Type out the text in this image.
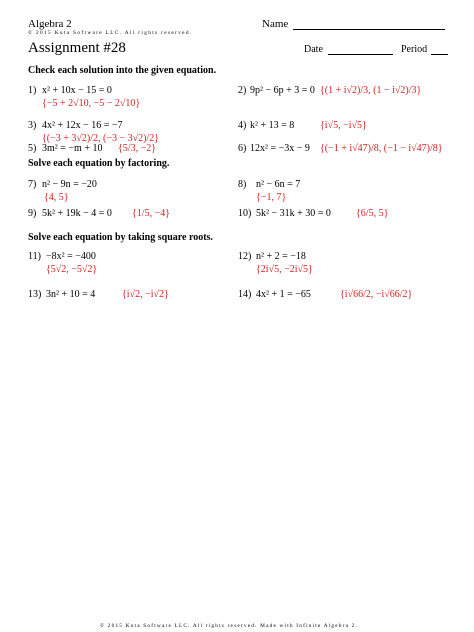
Algebra 2
© 2015 Kuta Software LLC. All rights reserved.
Name
Assignment #28	Date	Period
Check each solution into the given equation.
Solve each equation by factoring.
Solve each equation by taking square roots.
1) x² + 10x − 15 = 0
{−5 + 2√10, −5 − 2√10}
2) 9p² − 6p + 3 = 0 {(1 + i√2)/3, (1 − i√2)/3}
3) 4x² + 12x − 16 = −7
{(−3 + 3√2)/2, (−3 − 3√2)/2}
4) k² + 13 = 8	{i√5, −i√5}
5) 3m² = −m + 10 {5/3, −2}	6) 12x² = −3x − 9 {(−1 + i√47)/8, (−1 − i√47)/8}
7) n² − 9n = −20
{4, 5}
8) n² − 6n = 7
{−1, 7}
9) 5k² + 19k − 4 = 0 {1/5, −4}	10) 5k² − 31k + 30 = 0	{6/5, 5}
11) −8x² = −400
{5√2, −5√2}
12) n² + 2 = −18
{2i√5, −2i√5}
13) 3n² + 10 = 4	{i√2, −i√2}	14) 4x² + 1 = −65	{i√66/2, −i√66/2}
© 2015 Kuta Software LLC. All rights reserved. Made with Infinite Algebra 2.
